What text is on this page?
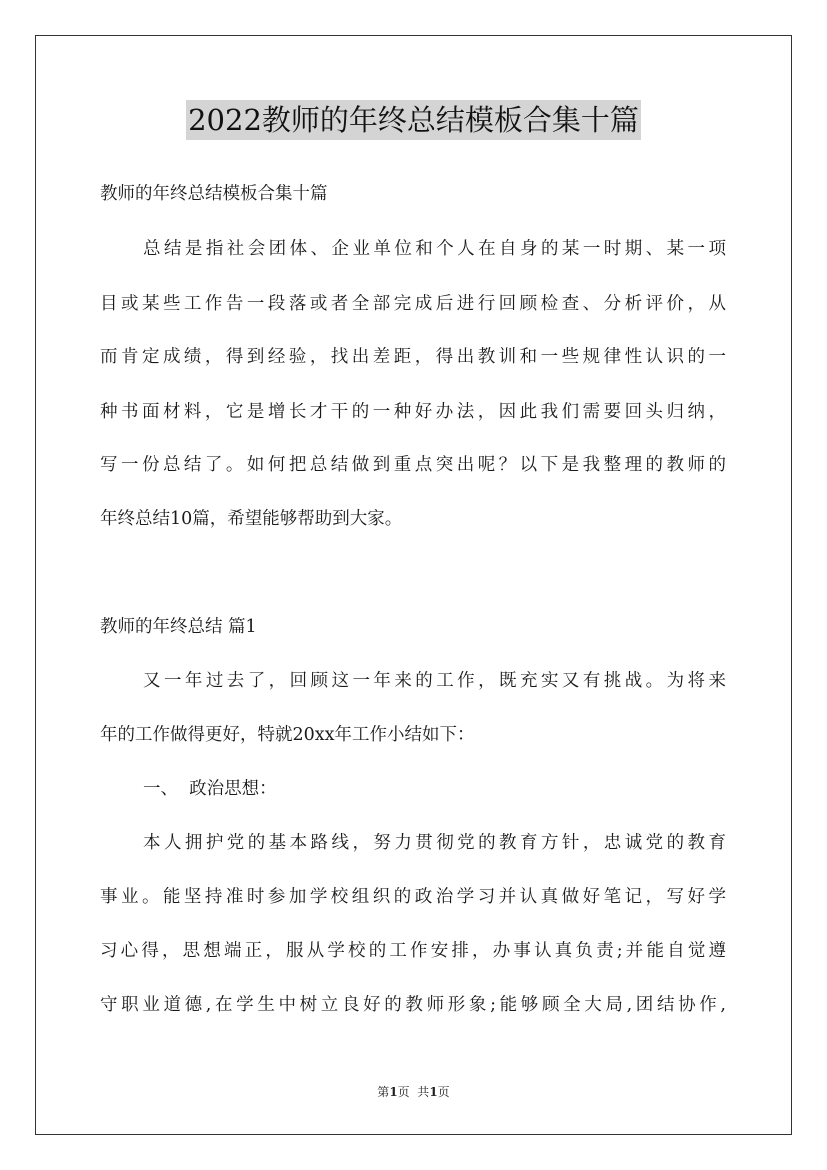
2022教师的年终总结模板合集十篇
教师的年终总结模板合集十篇
总结是指社会团体、企业单位和个人在自身的某一时期、某一项
目或某些工作告一段落或者全部完成后进行回顾检查、分析评价，从
而肯定成绩，得到经验，找出差距，得出教训和一些规律性认识的一
种书面材料，它是增长才干的一种好办法，因此我们需要回头归纳，
写一份总结了。如何把总结做到重点突出呢？以下是我整理的教师的
年终总结10篇，希望能够帮助到大家。
教师的年终总结 篇1
又一年过去了，回顾这一年来的工作，既充实又有挑战。为将来
年的工作做得更好，特就20xx年工作小结如下：
一、  政治思想：
本人拥护党的基本路线，努力贯彻党的教育方针，忠诚党的教育
事业。能坚持准时参加学校组织的政治学习并认真做好笔记，写好学
习心得，思想端正，服从学校的工作安排，办事认真负责;并能自觉遵
守职业道德,在学生中树立良好的教师形象;能够顾全大局,团结协作,
第1页  共1页
